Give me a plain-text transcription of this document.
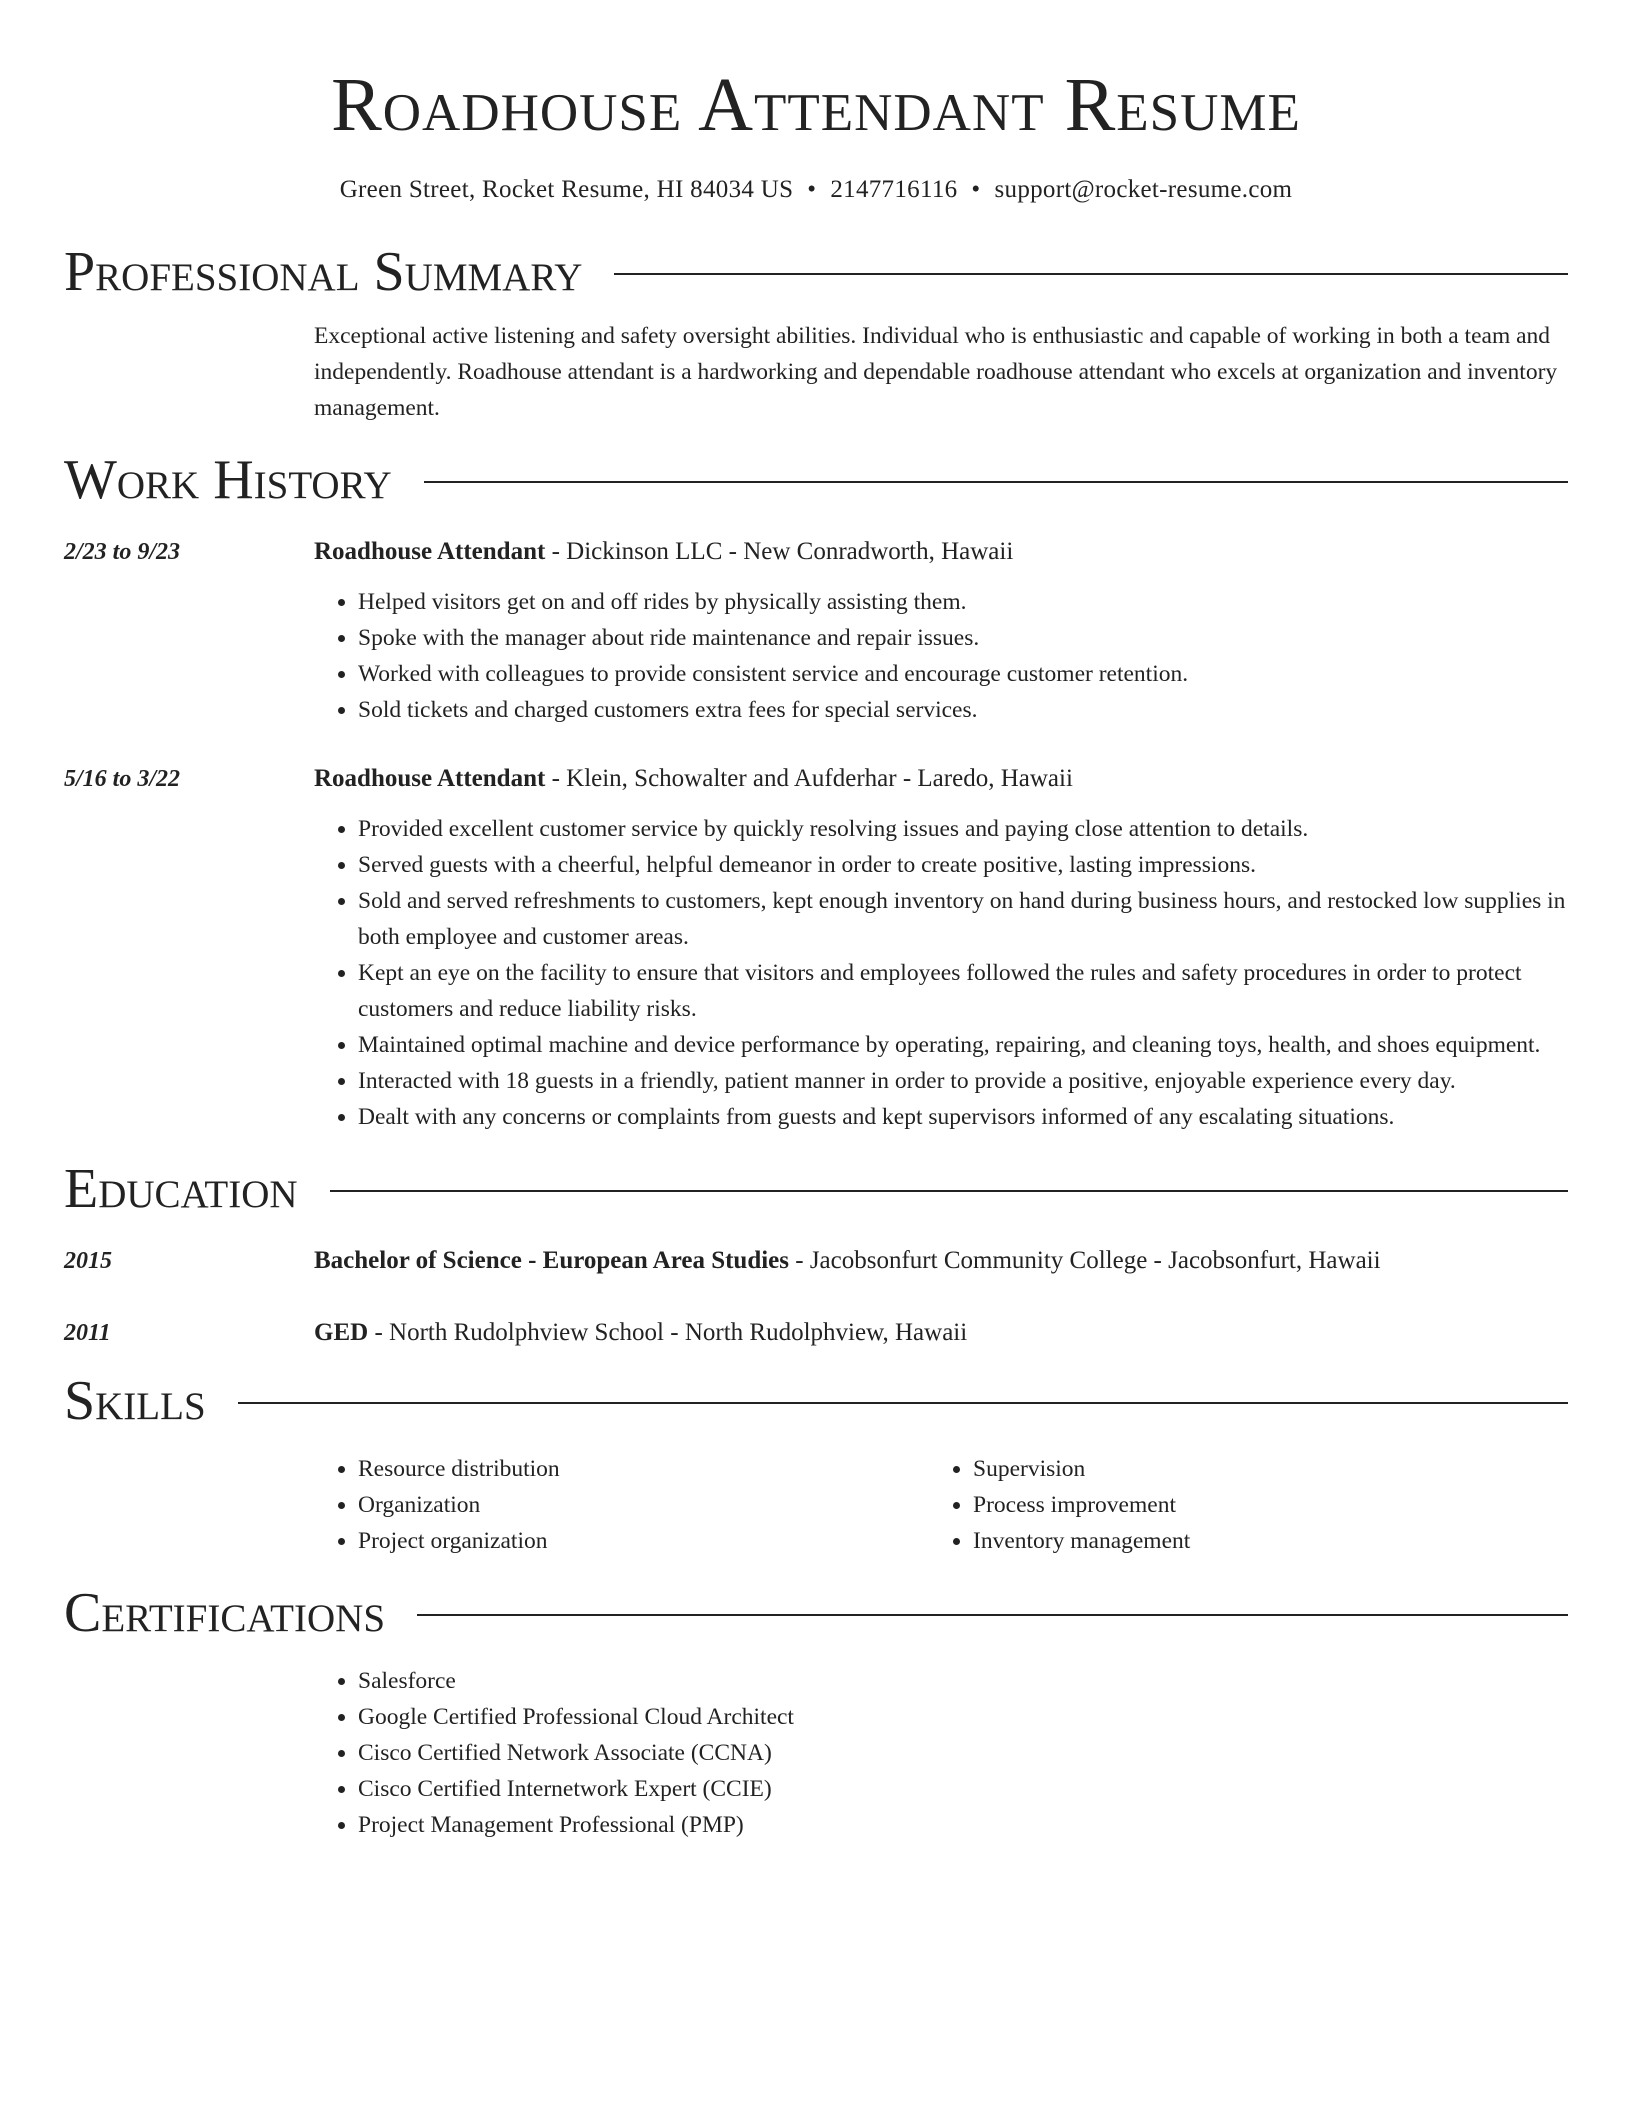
Roadhouse Attendant Resume
Green Street, Rocket Resume, HI 84034 US • 2147716116 • support@rocket-resume.com
Professional Summary
Exceptional active listening and safety oversight abilities. Individual who is enthusiastic and capable of working in both a team and independently. Roadhouse attendant is a hardworking and dependable roadhouse attendant who excels at organization and inventory management.
Work History
2/23 to 9/23	Roadhouse Attendant - Dickinson LLC - New Conradworth, Hawaii
• Helped visitors get on and off rides by physically assisting them.
• Spoke with the manager about ride maintenance and repair issues.
• Worked with colleagues to provide consistent service and encourage customer retention.
• Sold tickets and charged customers extra fees for special services.
5/16 to 3/22	Roadhouse Attendant - Klein, Schowalter and Aufderhar - Laredo, Hawaii
• Provided excellent customer service by quickly resolving issues and paying close attention to details.
• Served guests with a cheerful, helpful demeanor in order to create positive, lasting impressions.
• Sold and served refreshments to customers, kept enough inventory on hand during business hours, and restocked low supplies in both employee and customer areas.
• Kept an eye on the facility to ensure that visitors and employees followed the rules and safety procedures in order to protect customers and reduce liability risks.
• Maintained optimal machine and device performance by operating, repairing, and cleaning toys, health, and shoes equipment.
• Interacted with 18 guests in a friendly, patient manner in order to provide a positive, enjoyable experience every day.
• Dealt with any concerns or complaints from guests and kept supervisors informed of any escalating situations.
Education
2015	Bachelor of Science - European Area Studies - Jacobsonfurt Community College - Jacobsonfurt, Hawaii
2011	GED - North Rudolphview School - North Rudolphview, Hawaii
Skills
• Resource distribution
• Organization
• Project organization
• Supervision
• Process improvement
• Inventory management
Certifications
• Salesforce
• Google Certified Professional Cloud Architect
• Cisco Certified Network Associate (CCNA)
• Cisco Certified Internetwork Expert (CCIE)
• Project Management Professional (PMP)
